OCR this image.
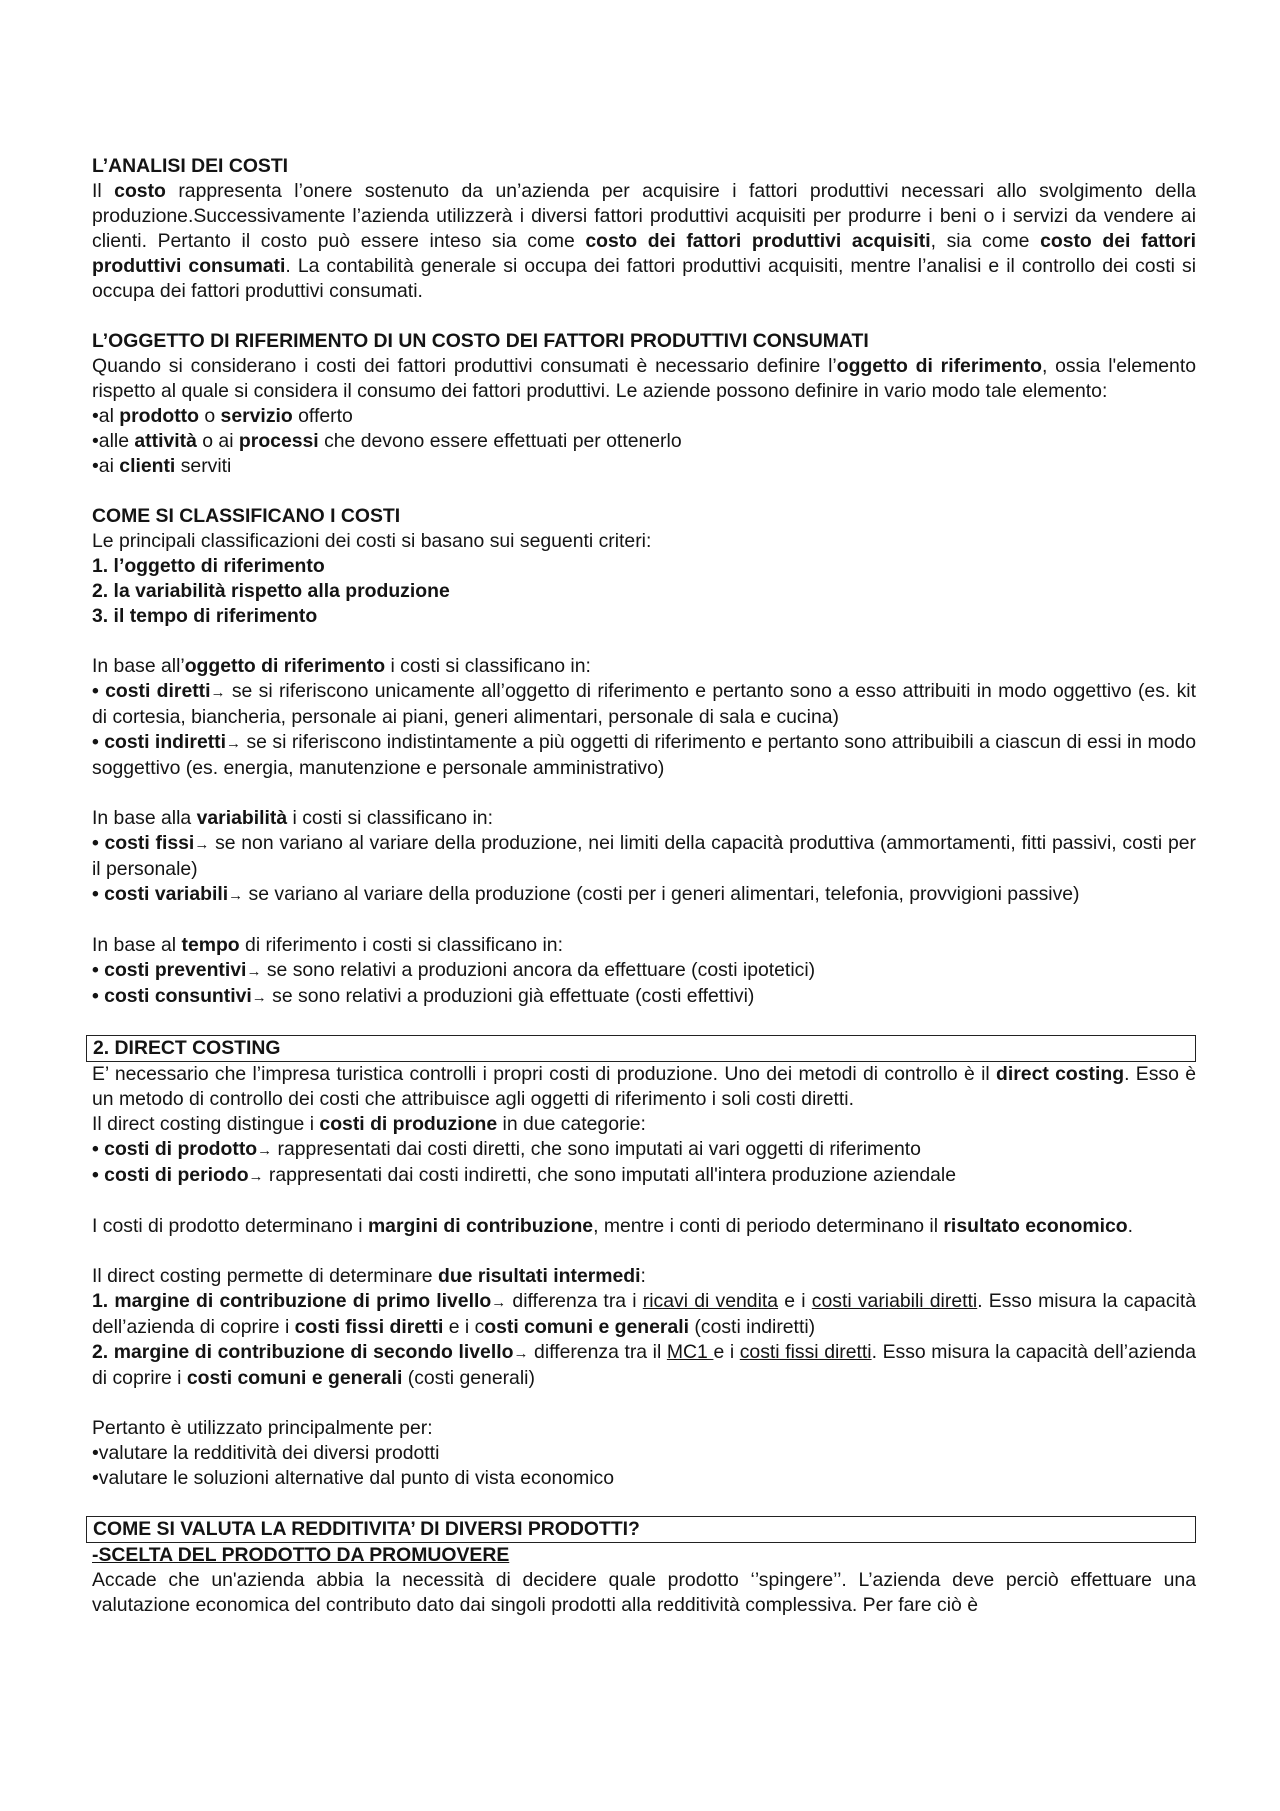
L’ANALISI DEI COSTI

Il costo rappresenta l’onere sostenuto da un’azienda per acquisire i fattori produttivi necessari allo svolgimento della produzione.Successivamente l’azienda utilizzerà i diversi fattori produttivi acquisiti per produrre i beni o i servizi da vendere ai clienti. Pertanto il costo può essere inteso sia come costo dei fattori produttivi acquisiti, sia come costo dei fattori produttivi consumati. La contabilità generale si occupa dei fattori produttivi acquisiti, mentre l’analisi e il controllo dei costi si occupa dei fattori produttivi consumati.

L’OGGETTO DI RIFERIMENTO DI UN COSTO DEI FATTORI PRODUTTIVI CONSUMATI

Quando si considerano i costi dei fattori produttivi consumati è necessario definire l’oggetto di riferimento, ossia l'elemento rispetto al quale si considera il consumo dei fattori produttivi. Le aziende possono definire in vario modo tale elemento:

•al prodotto o servizio offerto

•alle attività o ai processi che devono essere effettuati per ottenerlo

•ai clienti serviti

COME SI CLASSIFICANO I COSTI

Le principali classificazioni dei costi si basano sui seguenti criteri:

1. l’oggetto di riferimento

2. la variabilità rispetto alla produzione

3. il tempo di riferimento

In base all’oggetto di riferimento i costi si classificano in:

• costi diretti→ se si riferiscono unicamente all’oggetto di riferimento e pertanto sono a esso attribuiti in modo oggettivo (es. kit di cortesia, biancheria, personale ai piani, generi alimentari, personale di sala e cucina)

• costi indiretti→ se si riferiscono indistintamente a più oggetti di riferimento e pertanto sono attribuibili a ciascun di essi in modo soggettivo (es. energia, manutenzione e personale amministrativo)

In base alla variabilità i costi si classificano in:

• costi fissi→ se non variano al variare della produzione, nei limiti della capacità produttiva (ammortamenti, fitti passivi, costi per il personale)

• costi variabili→ se variano al variare della produzione (costi per i generi alimentari, telefonia, provvigioni passive)

In base al tempo di riferimento i costi si classificano in:

• costi preventivi→ se sono relativi a produzioni ancora da effettuare (costi ipotetici)

• costi consuntivi→ se sono relativi a produzioni già effettuate (costi effettivi)

2. DIRECT COSTING

E’ necessario che l’impresa turistica controlli i propri costi di produzione. Uno dei metodi di controllo è il direct costing. Esso è un metodo di controllo dei costi che attribuisce agli oggetti di riferimento i soli costi diretti.

Il direct costing distingue i costi di produzione in due categorie:

• costi di prodotto→ rappresentati dai costi diretti, che sono imputati ai vari oggetti di riferimento

• costi di periodo→ rappresentati dai costi indiretti, che sono imputati all'intera produzione aziendale

I costi di prodotto determinano i margini di contribuzione, mentre i conti di periodo determinano il risultato economico.

Il direct costing permette di determinare due risultati intermedi:

1. margine di contribuzione di primo livello→ differenza tra i ricavi di vendita e i costi variabili diretti. Esso misura la capacità dell’azienda di coprire i costi fissi diretti e i costi comuni e generali (costi indiretti)

2. margine di contribuzione di secondo livello→ differenza tra il MC1 e i costi fissi diretti. Esso misura la capacità dell’azienda di coprire i costi comuni e generali (costi generali)

Pertanto è utilizzato principalmente per:

•valutare la redditività dei diversi prodotti

•valutare le soluzioni alternative dal punto di vista economico

COME SI VALUTA LA REDDITIVITA’ DI DIVERSI PRODOTTI?

-SCELTA DEL PRODOTTO DA PROMUOVERE

Accade che un'azienda abbia la necessità di decidere quale prodotto ‘’spingere’’. L’azienda deve perciò effettuare una valutazione economica del contributo dato dai singoli prodotti alla redditività complessiva. Per fare ciò è
